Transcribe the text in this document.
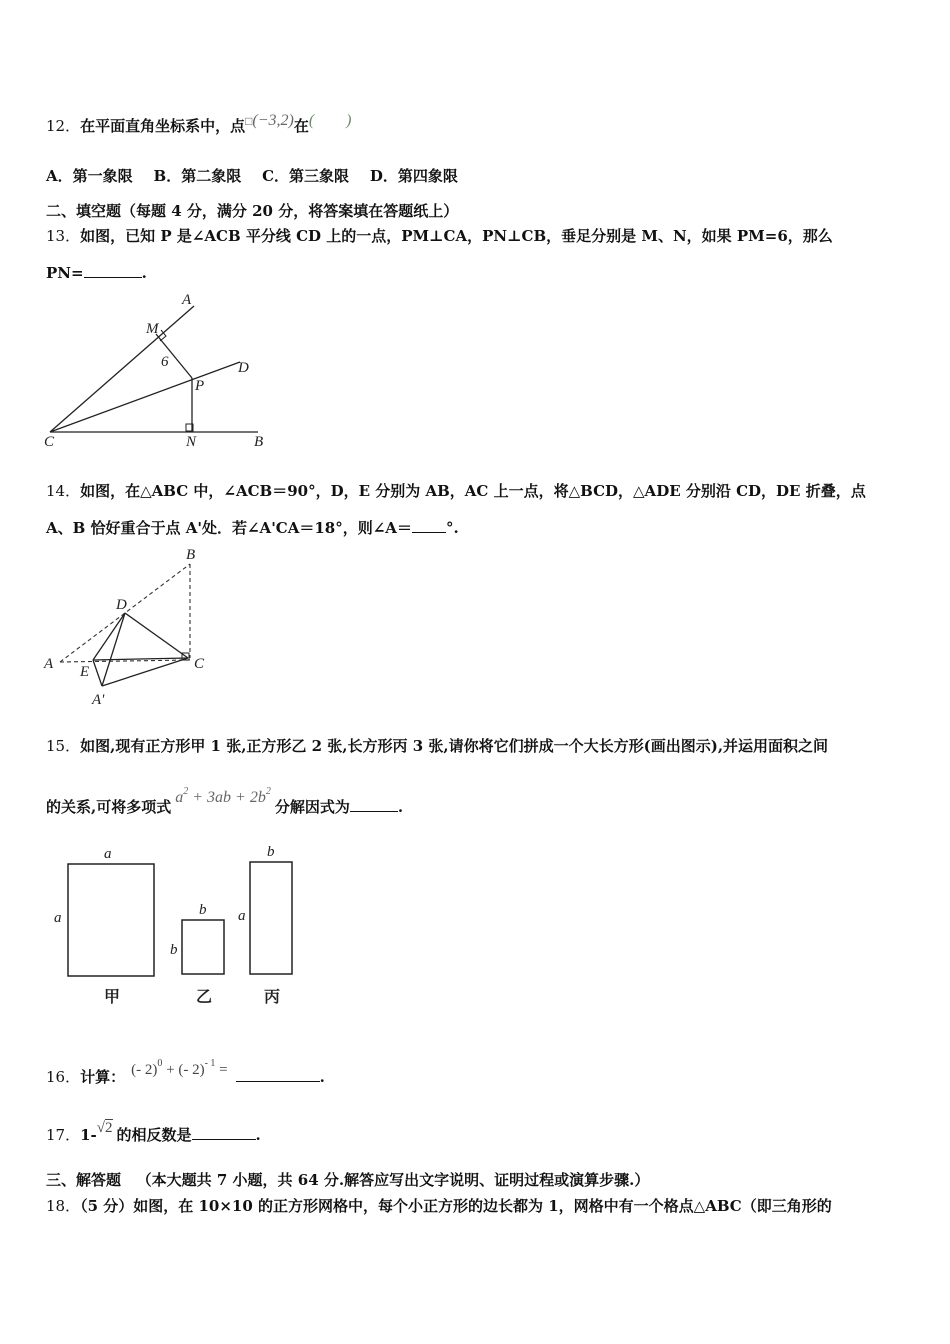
12．在平面直角坐标系中，点□(−3,2)在(        )
A．第一象限    B．第二象限    C．第三象限    D．第四象限
二、填空题（每题 4 分，满分 20 分，将答案填在答题纸上）
13．如图，已知 P 是∠ACB 平分线 CD 上的一点，PM⊥CA，PN⊥CB，垂足分别是 M、N，如果 PM=6，那么
PN=	.
A
M
6	D
P
C	N	B
14．如图，在△ABC 中，∠ACB＝90°，D，E 分别为 AB，AC 上一点，将△BCD，△ADE 分别沿 CD，DE 折叠，点
A、B 恰好重合于点 A'处．若∠A'CA＝18°，则∠A＝ °.
B
D
A E	C
A'
15．如图,现有正方形甲 1 张,正方形乙 2 张,长方形丙 3 张,请你将它们拼成一个大长方形(画出图示),并运用面积之间
的关系,可将多项式$a^2 + 3ab + 2b^2$分解因式为	.
a
a
甲
b
b
乙
b
a
丙
16．计算： (- 2)$^0$ + (- 2)$^{- 1}$ =	.
17．1-√2 的相反数是	.
三、解答题   （本大题共 7 小题，共 64 分.解答应写出文字说明、证明过程或演算步骤.）
18．（5 分）如图，在 10×10 的正方形网格中，每个小正方形的边长都为 1，网格中有一个格点△ABC（即三角形的
